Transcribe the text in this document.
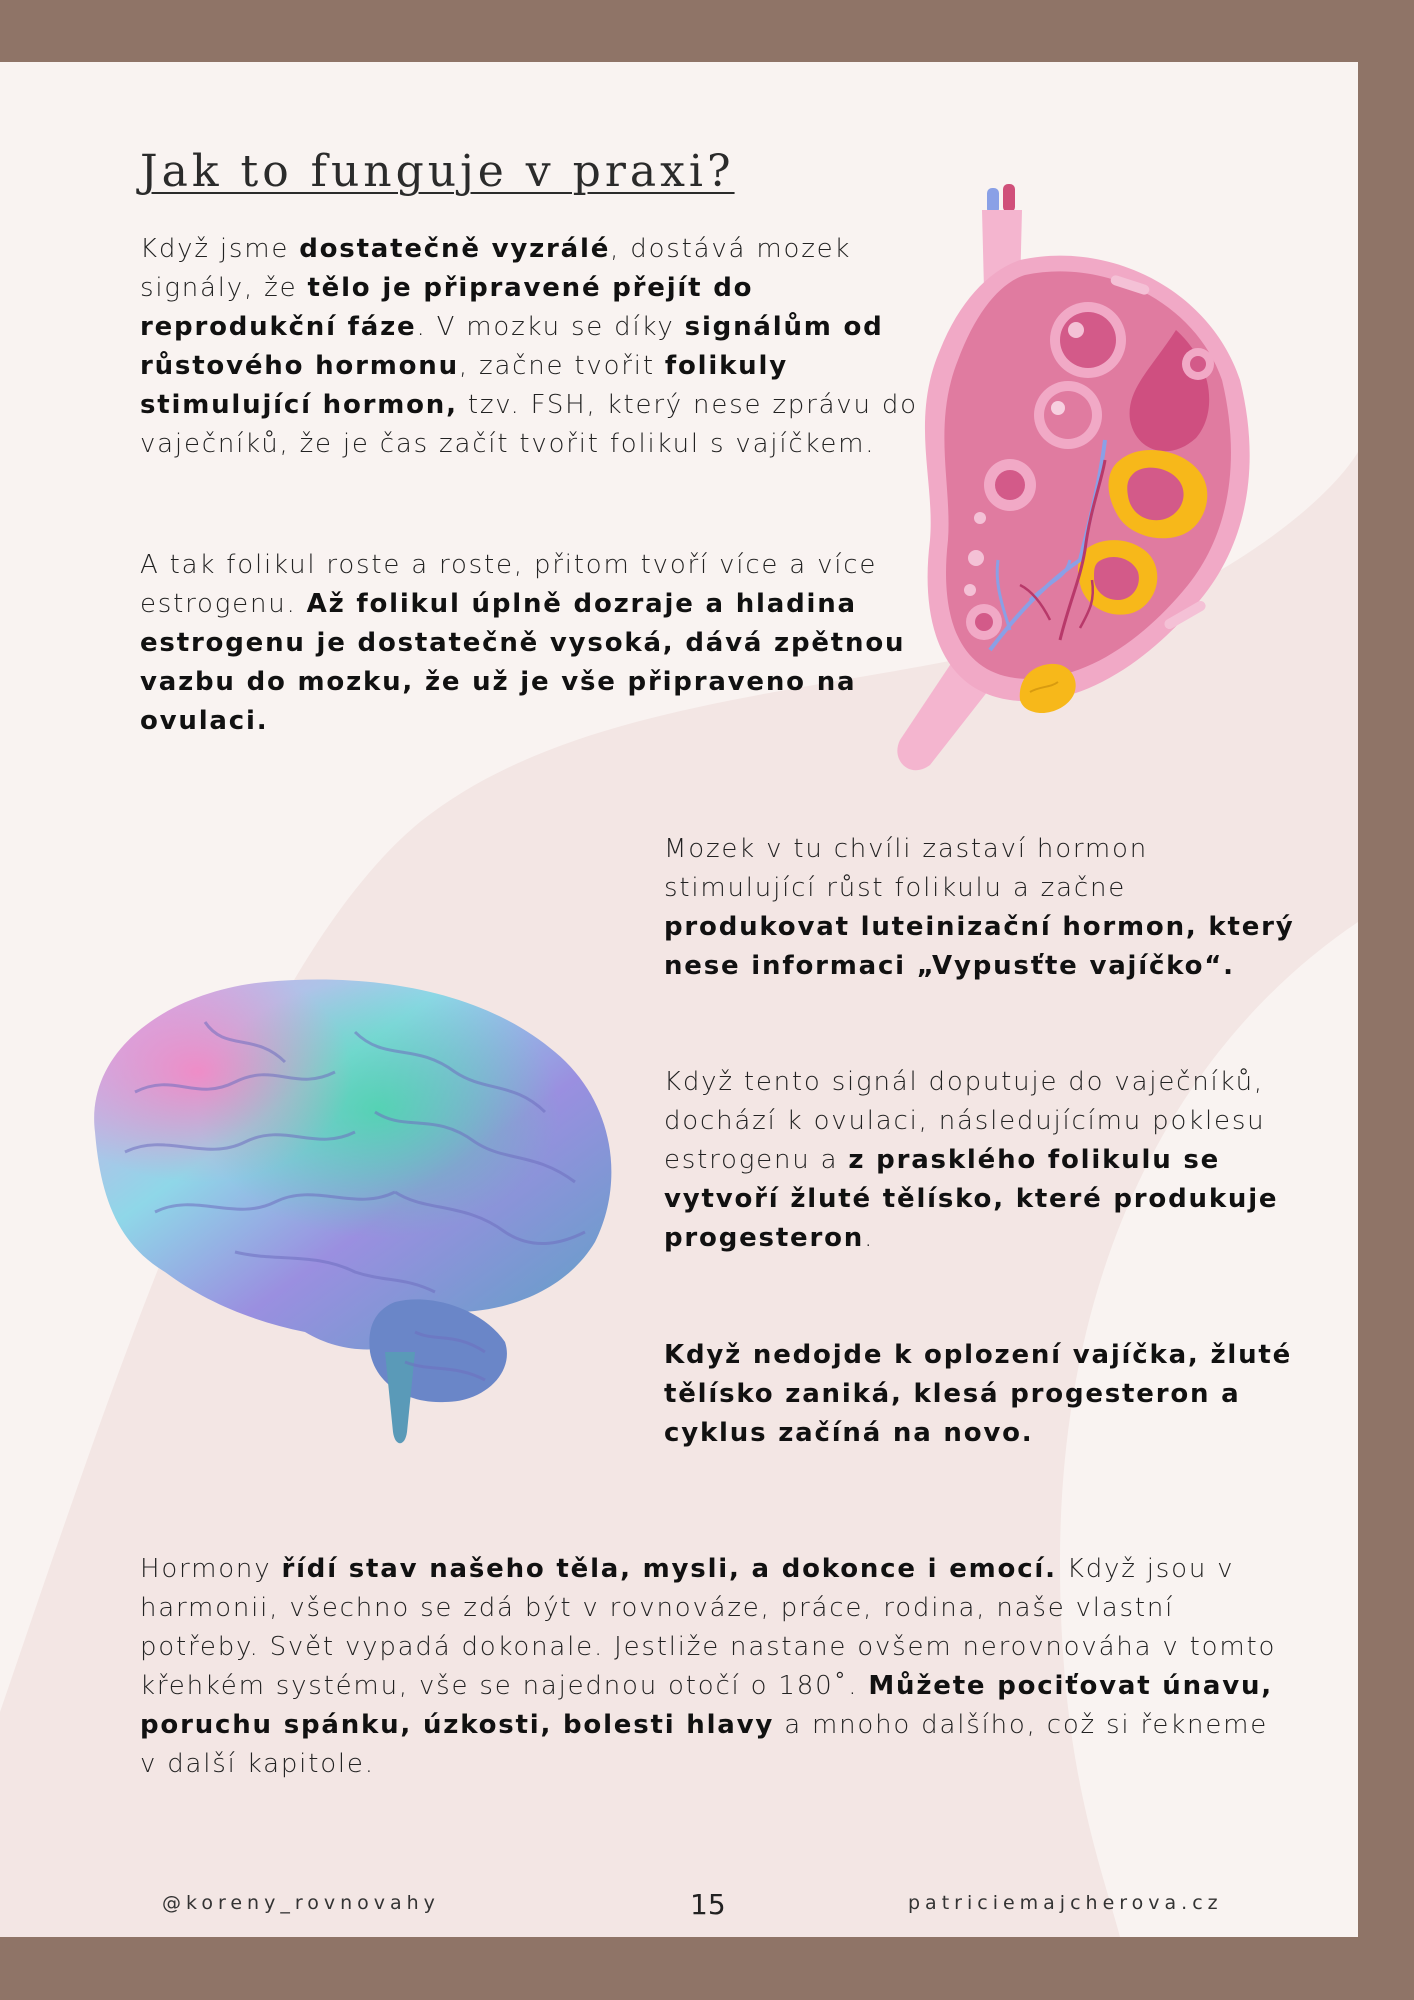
Jak to funguje v praxi?

Když jsme dostatečně vyzrálé, dostává mozek signály, že tělo je připravené přejít do reprodukční fáze. V mozku se díky signálům od růstového hormonu, začne tvořit folikuly stimulující hormon, tzv. FSH, který nese zprávu do vaječníků, že je čas začít tvořit folikul s vajíčkem.

A tak folikul roste a roste, přitom tvoří více a více estrogenu. Až folikul úplně dozraje a hladina estrogenu je dostatečně vysoká, dává zpětnou vazbu do mozku, že už je vše připraveno na ovulaci.

Mozek v tu chvíli zastaví hormon stimulující růst folikulu a začne produkovat luteinizační hormon, který nese informaci „Vypusťte vajíčko“.

Když tento signál doputuje do vaječníků, dochází k ovulaci, následujícímu poklesu estrogenu a z prasklého folikulu se vytvoří žluté tělísko, které produkuje progesteron.

Když nedojde k oplození vajíčka, žluté tělísko zaniká, klesá progesteron a cyklus začíná na novo.

Hormony řídí stav našeho těla, mysli, a dokonce i emocí. Když jsou v harmonii, všechno se zdá být v rovnováze, práce, rodina, naše vlastní potřeby. Svět vypadá dokonale. Jestliže nastane ovšem nerovnováha v tomto křehkém systému, vše se najednou otočí o 180˚. Můžete pociťovat únavu, poruchu spánku, úzkosti, bolesti hlavy a mnoho dalšího, což si řekneme v další kapitole.

@koreny_rovnovahy	15	patriciemajcherova.cz
